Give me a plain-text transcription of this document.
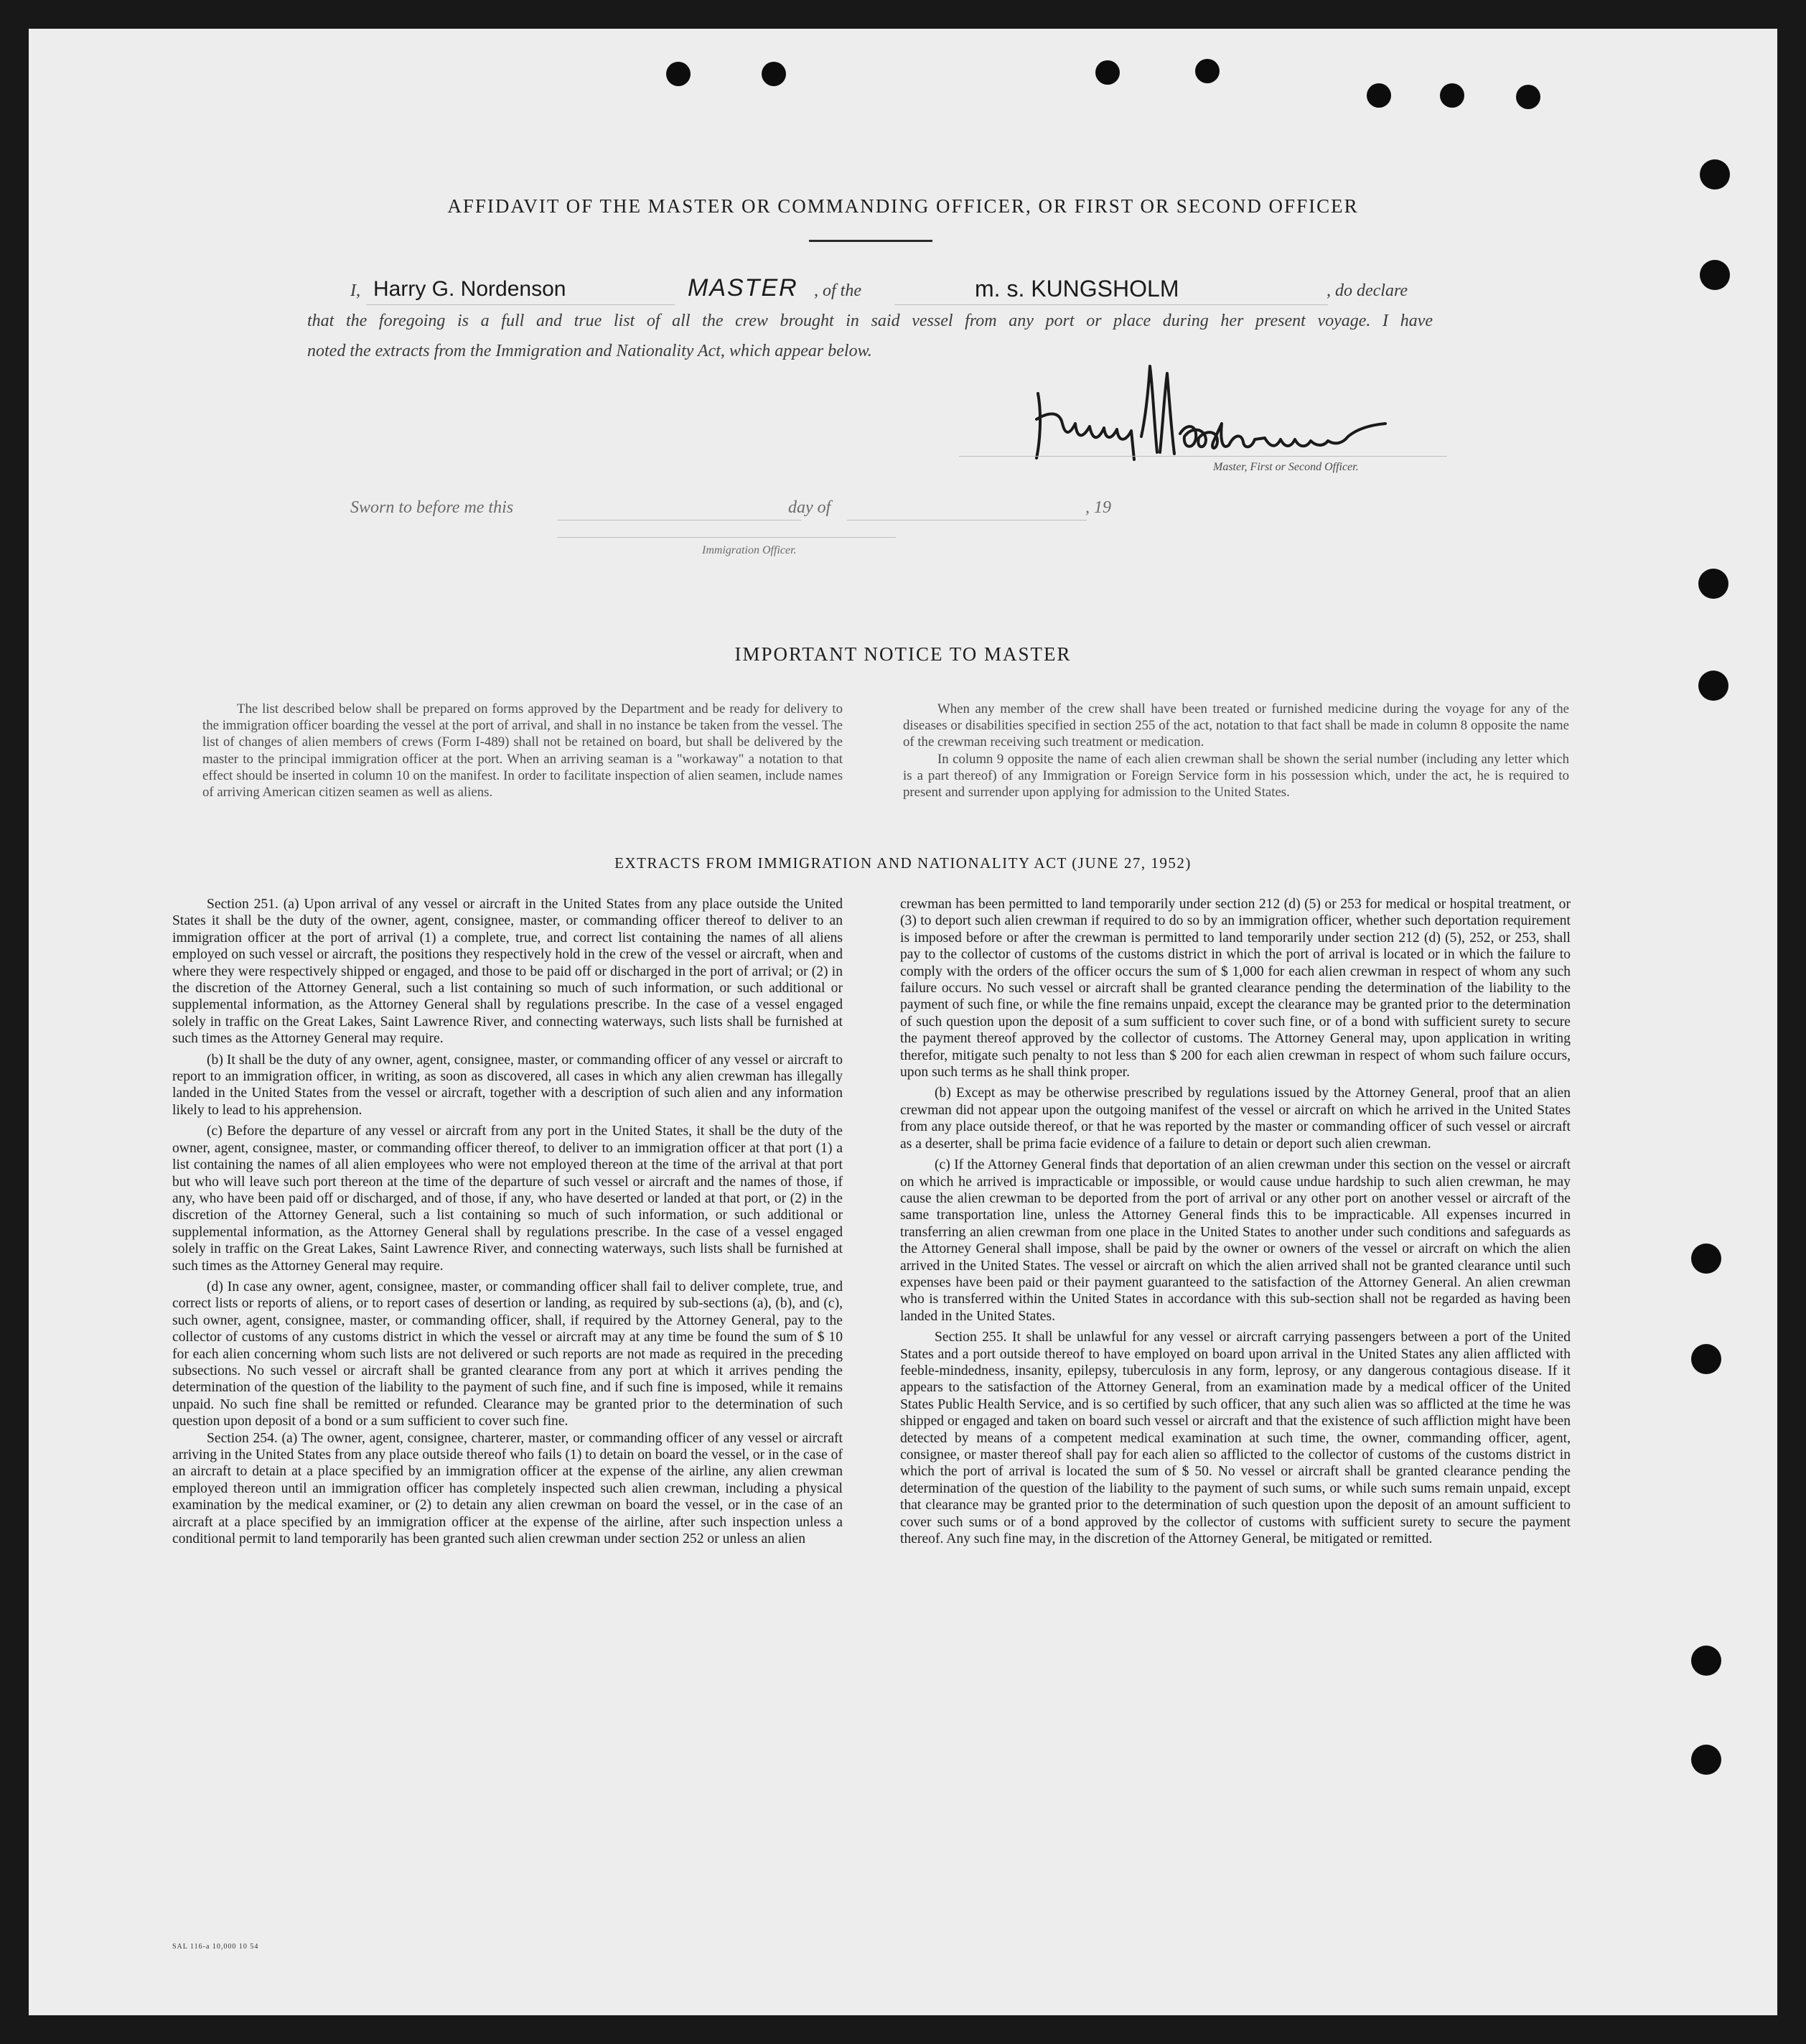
AFFIDAVIT OF THE MASTER OR COMMANDING OFFICER, OR FIRST OR SECOND OFFICER
I, Harry G. Nordenson	MASTER , of the	m. s. KUNGSHOLM	, do declare
that the foregoing is a full and true list of all the crew brought in said vessel from any port or place during her present voyage. I have
noted the extracts from the Immigration and Nationality Act, which appear below.
Master, First or Second Officer.
Sworn to before me this	day of	, 19
Immigration Officer.
IMPORTANT NOTICE TO MASTER

The list described below shall be prepared on forms approved by the Department and be ready for delivery to the immigration officer boarding the vessel at the port of arrival, and shall in no instance be taken from the vessel. The list of changes of alien members of crews (Form I-489) shall not be retained on board, but shall be delivered by the master to the principal immigration officer at the port. When an arriving seaman is a "workaway" a notation to that effect should be inserted in column 10 on the manifest. In order to facilitate inspection of alien seamen, include names of arriving American citizen seamen as well as aliens.

When any member of the crew shall have been treated or furnished medicine during the voyage for any of the diseases or disabilities specified in section 255 of the act, notation to that fact shall be made in column 8 opposite the name of the crewman receiving such treatment or medication.

In column 9 opposite the name of each alien crewman shall be shown the serial number (including any letter which is a part thereof) of any Immigration or Foreign Service form in his possession which, under the act, he is required to present and surrender upon applying for admission to the United States.

EXTRACTS FROM IMMIGRATION AND NATIONALITY ACT (JUNE 27, 1952)

Section 251. (a) Upon arrival of any vessel or aircraft in the United States from any place outside the United States it shall be the duty of the owner, agent, consignee, master, or commanding officer thereof to deliver to an immigration officer at the port of arrival (1) a complete, true, and correct list containing the names of all aliens employed on such vessel or aircraft, the positions they respectively hold in the crew of the vessel or aircraft, when and where they were respectively shipped or engaged, and those to be paid off or discharged in the port of arrival; or (2) in the discretion of the Attorney General, such a list containing so much of such information, or such additional or supplemental information, as the Attorney General shall by regulations prescribe. In the case of a vessel engaged solely in traffic on the Great Lakes, Saint Lawrence River, and connecting waterways, such lists shall be furnished at such times as the Attorney General may require.

(b) It shall be the duty of any owner, agent, consignee, master, or commanding officer of any vessel or aircraft to report to an immigration officer, in writing, as soon as discovered, all cases in which any alien crewman has illegally landed in the United States from the vessel or aircraft, together with a description of such alien and any information likely to lead to his apprehension.

(c) Before the departure of any vessel or aircraft from any port in the United States, it shall be the duty of the owner, agent, consignee, master, or commanding officer thereof, to deliver to an immigration officer at that port (1) a list containing the names of all alien employees who were not employed thereon at the time of the arrival at that port but who will leave such port thereon at the time of the departure of such vessel or aircraft and the names of those, if any, who have been paid off or discharged, and of those, if any, who have deserted or landed at that port, or (2) in the discretion of the Attorney General, such a list containing so much of such information, or such additional or supplemental information, as the Attorney General shall by regulations prescribe. In the case of a vessel engaged solely in traffic on the Great Lakes, Saint Lawrence River, and connecting waterways, such lists shall be furnished at such times as the Attorney General may require.

(d) In case any owner, agent, consignee, master, or commanding officer shall fail to deliver complete, true, and correct lists or reports of aliens, or to report cases of desertion or landing, as required by sub-sections (a), (b), and (c), such owner, agent, consignee, master, or commanding officer, shall, if required by the Attorney General, pay to the collector of customs of any customs district in which the vessel or aircraft may at any time be found the sum of $ 10 for each alien concerning whom such lists are not delivered or such reports are not made as required in the preceding subsections. No such vessel or aircraft shall be granted clearance from any port at which it arrives pending the determination of the question of the liability to the payment of such fine, and if such fine is imposed, while it remains unpaid. No such fine shall be remitted or refunded. Clearance may be granted prior to the determination of such question upon deposit of a bond or a sum sufficient to cover such fine.

Section 254. (a) The owner, agent, consignee, charterer, master, or commanding officer of any vessel or aircraft arriving in the United States from any place outside thereof who fails (1) to detain on board the vessel, or in the case of an aircraft to detain at a place specified by an immigration officer at the expense of the airline, any alien crewman employed thereon until an immigration officer has completely inspected such alien crewman, including a physical examination by the medical examiner, or (2) to detain any alien crewman on board the vessel, or in the case of an aircraft at a place specified by an immigration officer at the expense of the airline, after such inspection unless a conditional permit to land temporarily has been granted such alien crewman under section 252 or unless an alien

crewman has been permitted to land temporarily under section 212 (d) (5) or 253 for medical or hospital treatment, or (3) to deport such alien crewman if required to do so by an immigration officer, whether such deportation requirement is imposed before or after the crewman is permitted to land temporarily under section 212 (d) (5), 252, or 253, shall pay to the collector of customs of the customs district in which the port of arrival is located or in which the failure to comply with the orders of the officer occurs the sum of $ 1,000 for each alien crewman in respect of whom any such failure occurs. No such vessel or aircraft shall be granted clearance pending the determination of the liability to the payment of such fine, or while the fine remains unpaid, except the clearance may be granted prior to the determination of such question upon the deposit of a sum sufficient to cover such fine, or of a bond with sufficient surety to secure the payment thereof approved by the collector of customs. The Attorney General may, upon application in writing therefor, mitigate such penalty to not less than $ 200 for each alien crewman in respect of whom such failure occurs, upon such terms as he shall think proper.

(b) Except as may be otherwise prescribed by regulations issued by the Attorney General, proof that an alien crewman did not appear upon the outgoing manifest of the vessel or aircraft on which he arrived in the United States from any place outside thereof, or that he was reported by the master or commanding officer of such vessel or aircraft as a deserter, shall be prima facie evidence of a failure to detain or deport such alien crewman.

(c) If the Attorney General finds that deportation of an alien crewman under this section on the vessel or aircraft on which he arrived is impracticable or impossible, or would cause undue hardship to such alien crewman, he may cause the alien crewman to be deported from the port of arrival or any other port on another vessel or aircraft of the same transportation line, unless the Attorney General finds this to be impracticable. All expenses incurred in transferring an alien crewman from one place in the United States to another under such conditions and safeguards as the Attorney General shall impose, shall be paid by the owner or owners of the vessel or aircraft on which the alien arrived in the United States. The vessel or aircraft on which the alien arrived shall not be granted clearance until such expenses have been paid or their payment guaranteed to the satisfaction of the Attorney General. An alien crewman who is transferred within the United States in accordance with this sub-section shall not be regarded as having been landed in the United States.

Section 255. It shall be unlawful for any vessel or aircraft carrying passengers between a port of the United States and a port outside thereof to have employed on board upon arrival in the United States any alien afflicted with feeble-mindedness, insanity, epilepsy, tuberculosis in any form, leprosy, or any dangerous contagious disease. If it appears to the satisfaction of the Attorney General, from an examination made by a medical officer of the United States Public Health Service, and is so certified by such officer, that any such alien was so afflicted at the time he was shipped or engaged and taken on board such vessel or aircraft and that the existence of such affliction might have been detected by means of a competent medical examination at such time, the owner, commanding officer, agent, consignee, or master thereof shall pay for each alien so afflicted to the collector of customs of the customs district in which the port of arrival is located the sum of $ 50. No vessel or aircraft shall be granted clearance pending the determination of the question of the liability to the payment of such sums, or while such sums remain unpaid, except that clearance may be granted prior to the determination of such question upon the deposit of an amount sufficient to cover such sums or of a bond approved by the collector of customs with sufficient surety to secure the payment thereof. Any such fine may, in the discretion of the Attorney General, be mitigated or remitted.

SAL 116-a 10,000 10 54
